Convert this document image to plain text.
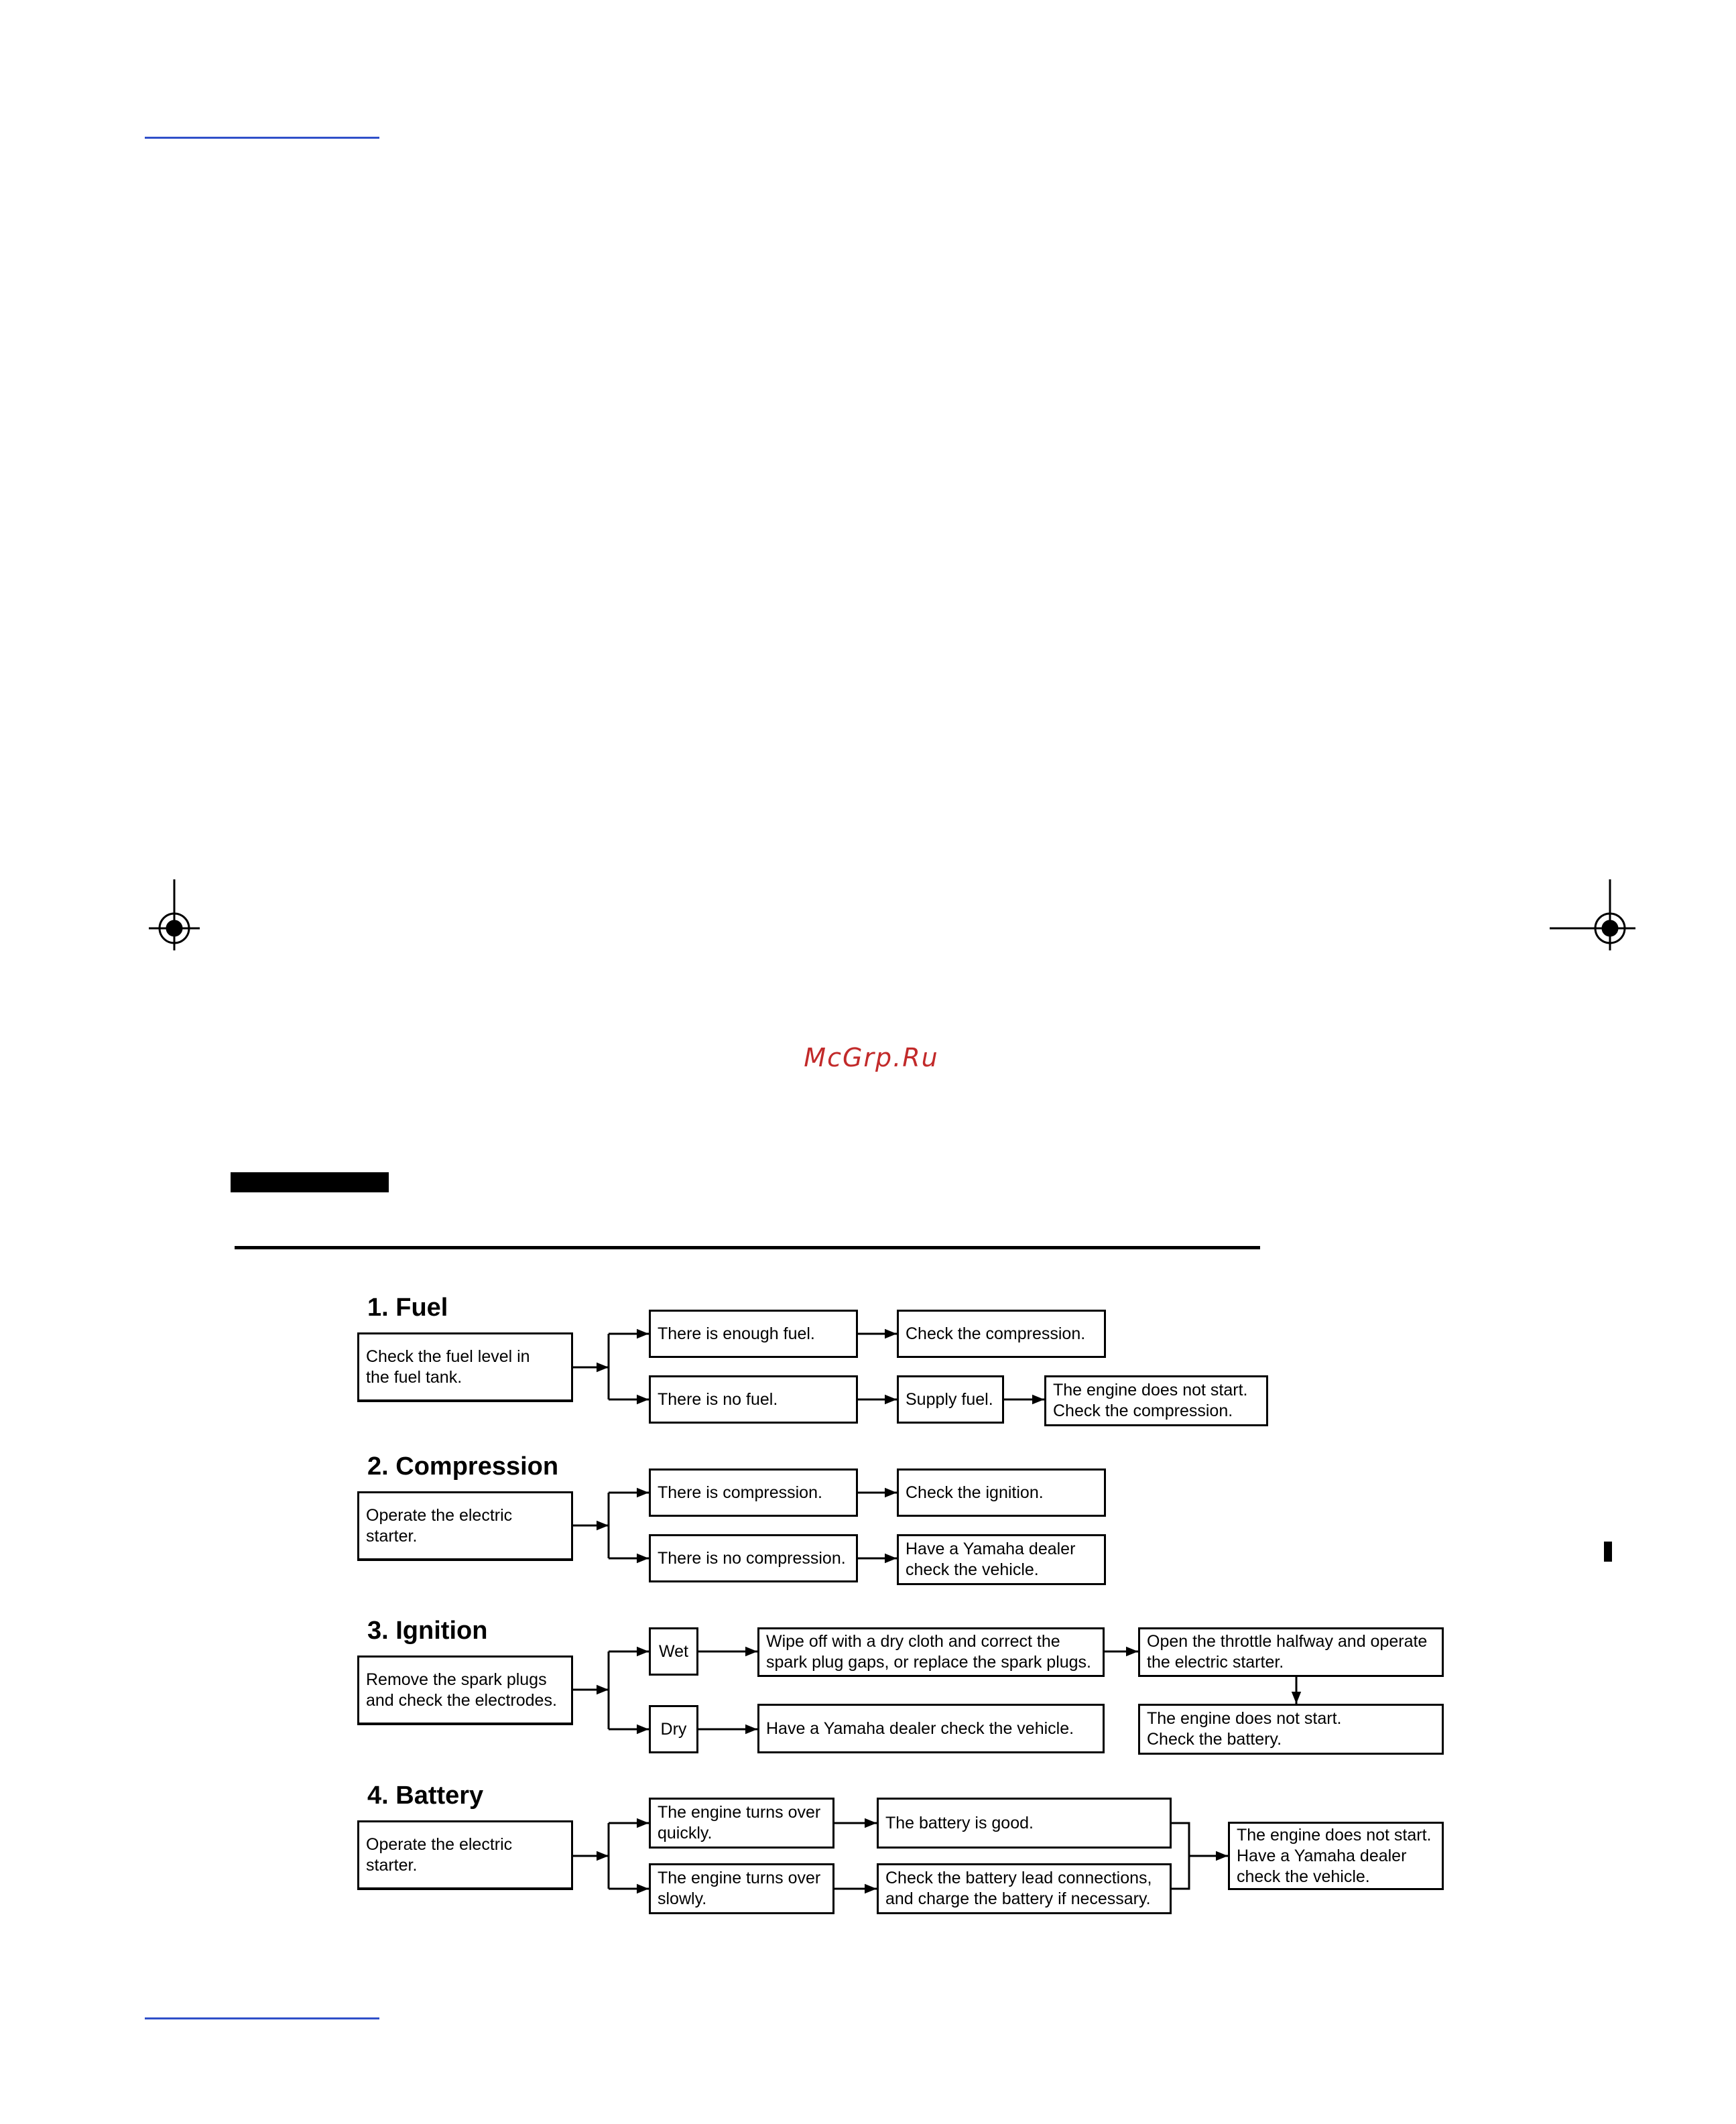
McGrp.Ru
1. Fuel
Check the fuel level in
the fuel tank.
There is enough fuel.
There is no fuel.
Check the compression.
Supply fuel.	The engine does not start.
Check the compression.
2. Compression
Operate the electric starter.
There is compression.
There is no compression.
Check the ignition.
Have a Yamaha dealer
check the vehicle.
3. Ignition
Remove the spark plugs
and check the electrodes.
Wet
Dry
Wipe off with a dry cloth and correct the
spark plug gaps, or replace the spark plugs.
Open the throttle halfway and operate
the electric starter.
The engine does not start.
Check the battery.
Have a Yamaha dealer check the vehicle.
4. Battery
Operate the electric starter.
The engine turns over
quickly.
The engine turns over
slowly.
The battery is good.
Check the battery lead connections,
and charge the battery if necessary.
The engine does not start.
Have a Yamaha dealer
check the vehicle.
